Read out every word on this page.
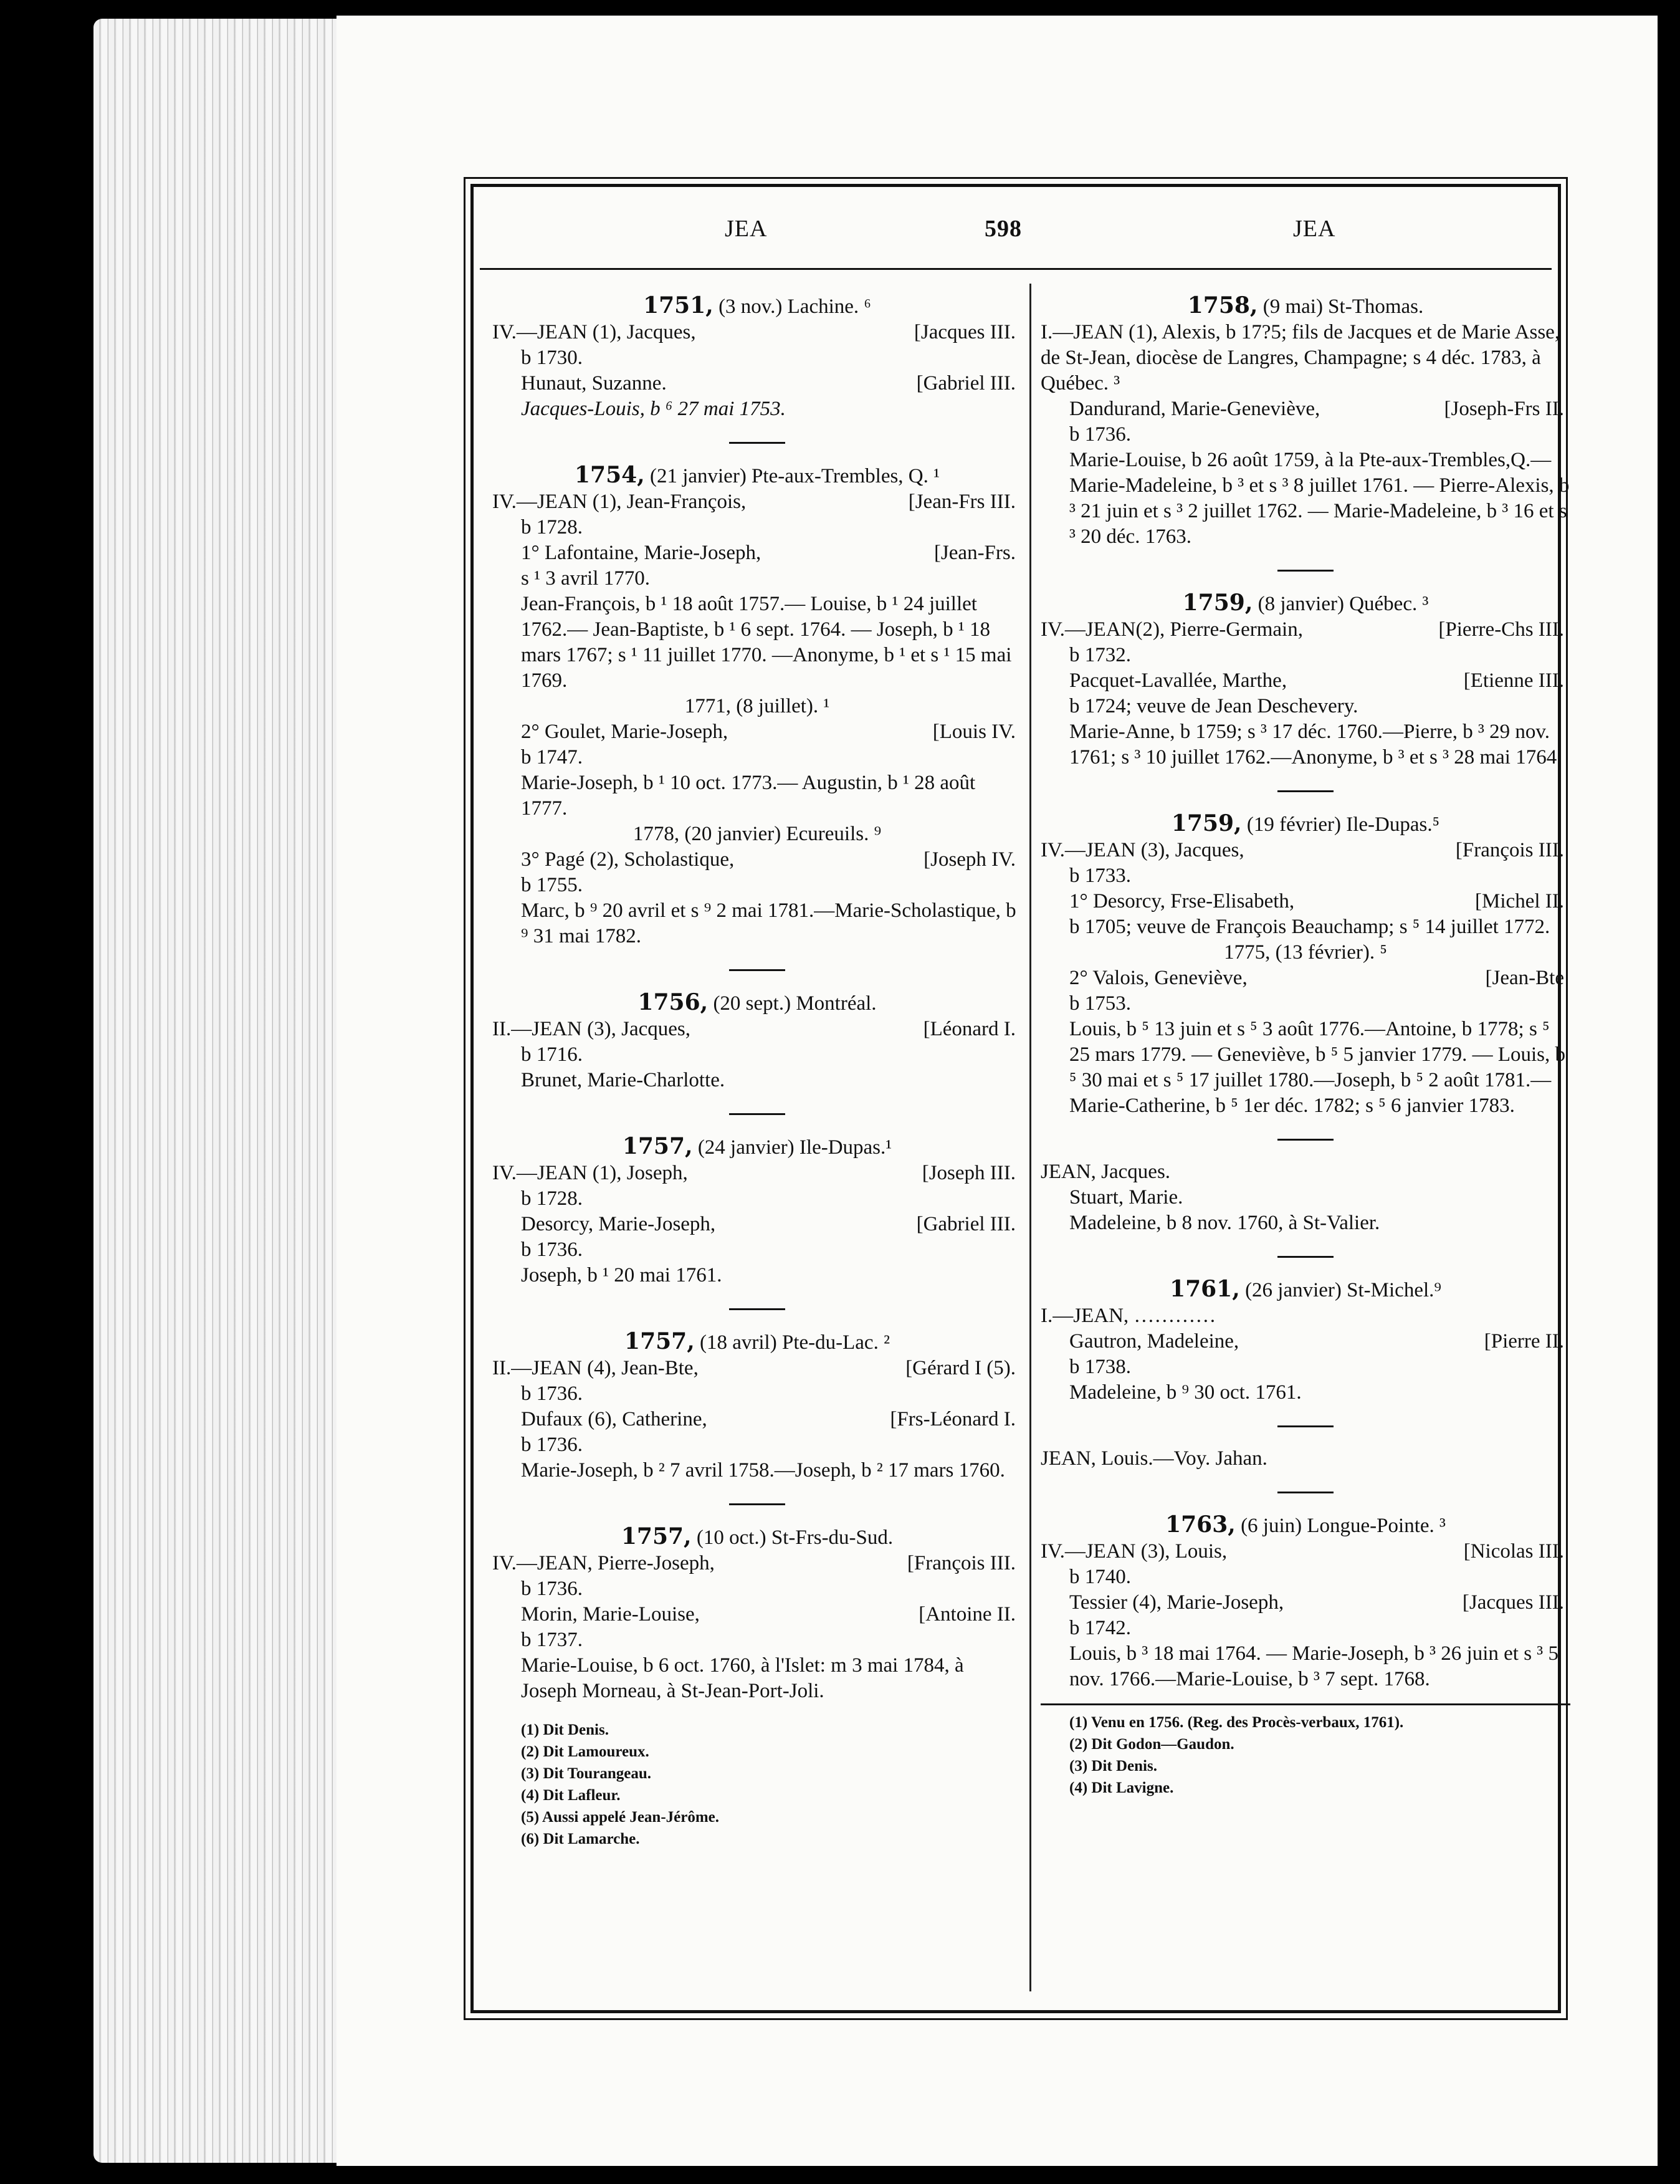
JEA	598	JEA

1751, (3 nov.) Lachine. ⁶

IV.—JEAN (1), Jacques,	[Jacques III.

b 1730.

Hunaut, Suzanne.	[Gabriel III.

Jacques-Louis, b ⁶ 27 mai 1753.

1754, (21 janvier) Pte-aux-Trembles, Q. ¹

IV.—JEAN (1), Jean-François,	[Jean-Frs III.

b 1728.

1° Lafontaine, Marie-Joseph,	[Jean-Frs.

s ¹ 3 avril 1770.

Jean-François, b ¹ 18 août 1757.— Louise, b ¹ 24 juillet 1762.— Jean-Baptiste, b ¹ 6 sept. 1764. — Joseph, b ¹ 18 mars 1767; s ¹ 11 juillet 1770. —Anonyme, b ¹ et s ¹ 15 mai 1769.

1771, (8 juillet). ¹

2° Goulet, Marie-Joseph,	[Louis IV.

b 1747.

Marie-Joseph, b ¹ 10 oct. 1773.— Augustin, b ¹ 28 août 1777.

1778, (20 janvier) Ecureuils. ⁹

3° Pagé (2), Scholastique,	[Joseph IV.

b 1755.

Marc, b ⁹ 20 avril et s ⁹ 2 mai 1781.—Marie-Scholastique, b ⁹ 31 mai 1782.

1756, (20 sept.) Montréal.

II.—JEAN (3), Jacques,	[Léonard I.

b 1716.

Brunet, Marie-Charlotte.

1757, (24 janvier) Ile-Dupas.¹

IV.—JEAN (1), Joseph,	[Joseph III.

b 1728.

Desorcy, Marie-Joseph,	[Gabriel III.

b 1736.

Joseph, b ¹ 20 mai 1761.

1757, (18 avril) Pte-du-Lac. ²

II.—JEAN (4), Jean-Bte,	[Gérard I (5).

b 1736.

Dufaux (6), Catherine,	[Frs-Léonard I.

b 1736.

Marie-Joseph, b ² 7 avril 1758.—Joseph, b ² 17 mars 1760.

1757, (10 oct.) St-Frs-du-Sud.

IV.—JEAN, Pierre-Joseph,	[François III.

b 1736.

Morin, Marie-Louise,	[Antoine II.

b 1737.

Marie-Louise, b 6 oct. 1760, à l'Islet: m 3 mai 1784, à Joseph Morneau, à St-Jean-Port-Joli.

(1) Dit Denis.

(2) Dit Lamoureux.

(3) Dit Tourangeau.

(4) Dit Lafleur.

(5) Aussi appelé Jean-Jérôme.

(6) Dit Lamarche.

1758, (9 mai) St-Thomas.

I.—JEAN (1), Alexis, b 17?5; fils de Jacques et de Marie Asse, de St-Jean, diocèse de Langres, Champagne; s 4 déc. 1783, à Québec. ³

Dandurand, Marie-Geneviève,	[Joseph-Frs II.

b 1736.

Marie-Louise, b 26 août 1759, à la Pte-aux-Trembles,Q.—Marie-Madeleine, b ³ et s ³ 8 juillet 1761. — Pierre-Alexis, b ³ 21 juin et s ³ 2 juillet 1762. — Marie-Madeleine, b ³ 16 et s ³ 20 déc. 1763.

1759, (8 janvier) Québec. ³

IV.—JEAN(2), Pierre-Germain,	[Pierre-Chs III.

b 1732.

Pacquet-Lavallée, Marthe,	[Etienne III.

b 1724; veuve de Jean Deschevery.

Marie-Anne, b 1759; s ³ 17 déc. 1760.—Pierre, b ³ 29 nov. 1761; s ³ 10 juillet 1762.—Anonyme, b ³ et s ³ 28 mai 1764.

1759, (19 février) Ile-Dupas.⁵

IV.—JEAN (3), Jacques,	[François III.

b 1733.

1° Desorcy, Frse-Elisabeth,	[Michel II.

b 1705; veuve de François Beauchamp; s ⁵ 14 juillet 1772.

1775, (13 février). ⁵

2° Valois, Geneviève,	[Jean-Bte

b 1753.

Louis, b ⁵ 13 juin et s ⁵ 3 août 1776.—Antoine, b 1778; s ⁵ 25 mars 1779. — Geneviève, b ⁵ 5 janvier 1779. — Louis, b ⁵ 30 mai et s ⁵ 17 juillet 1780.—Joseph, b ⁵ 2 août 1781.—Marie-Catherine, b ⁵ 1er déc. 1782; s ⁵ 6 janvier 1783.

JEAN, Jacques.

Stuart, Marie.

Madeleine, b 8 nov. 1760, à St-Valier.

1761, (26 janvier) St-Michel.⁹

I.—JEAN, …………

Gautron, Madeleine,	[Pierre II.

b 1738.

Madeleine, b ⁹ 30 oct. 1761.

JEAN, Louis.—Voy. Jahan.

1763, (6 juin) Longue-Pointe. ³

IV.—JEAN (3), Louis,	[Nicolas III.

b 1740.

Tessier (4), Marie-Joseph,	[Jacques III.

b 1742.

Louis, b ³ 18 mai 1764. — Marie-Joseph, b ³ 26 juin et s ³ 5 nov. 1766.—Marie-Louise, b ³ 7 sept. 1768.

(1) Venu en 1756. (Reg. des Procès-verbaux, 1761).

(2) Dit Godon—Gaudon.

(3) Dit Denis.

(4) Dit Lavigne.
